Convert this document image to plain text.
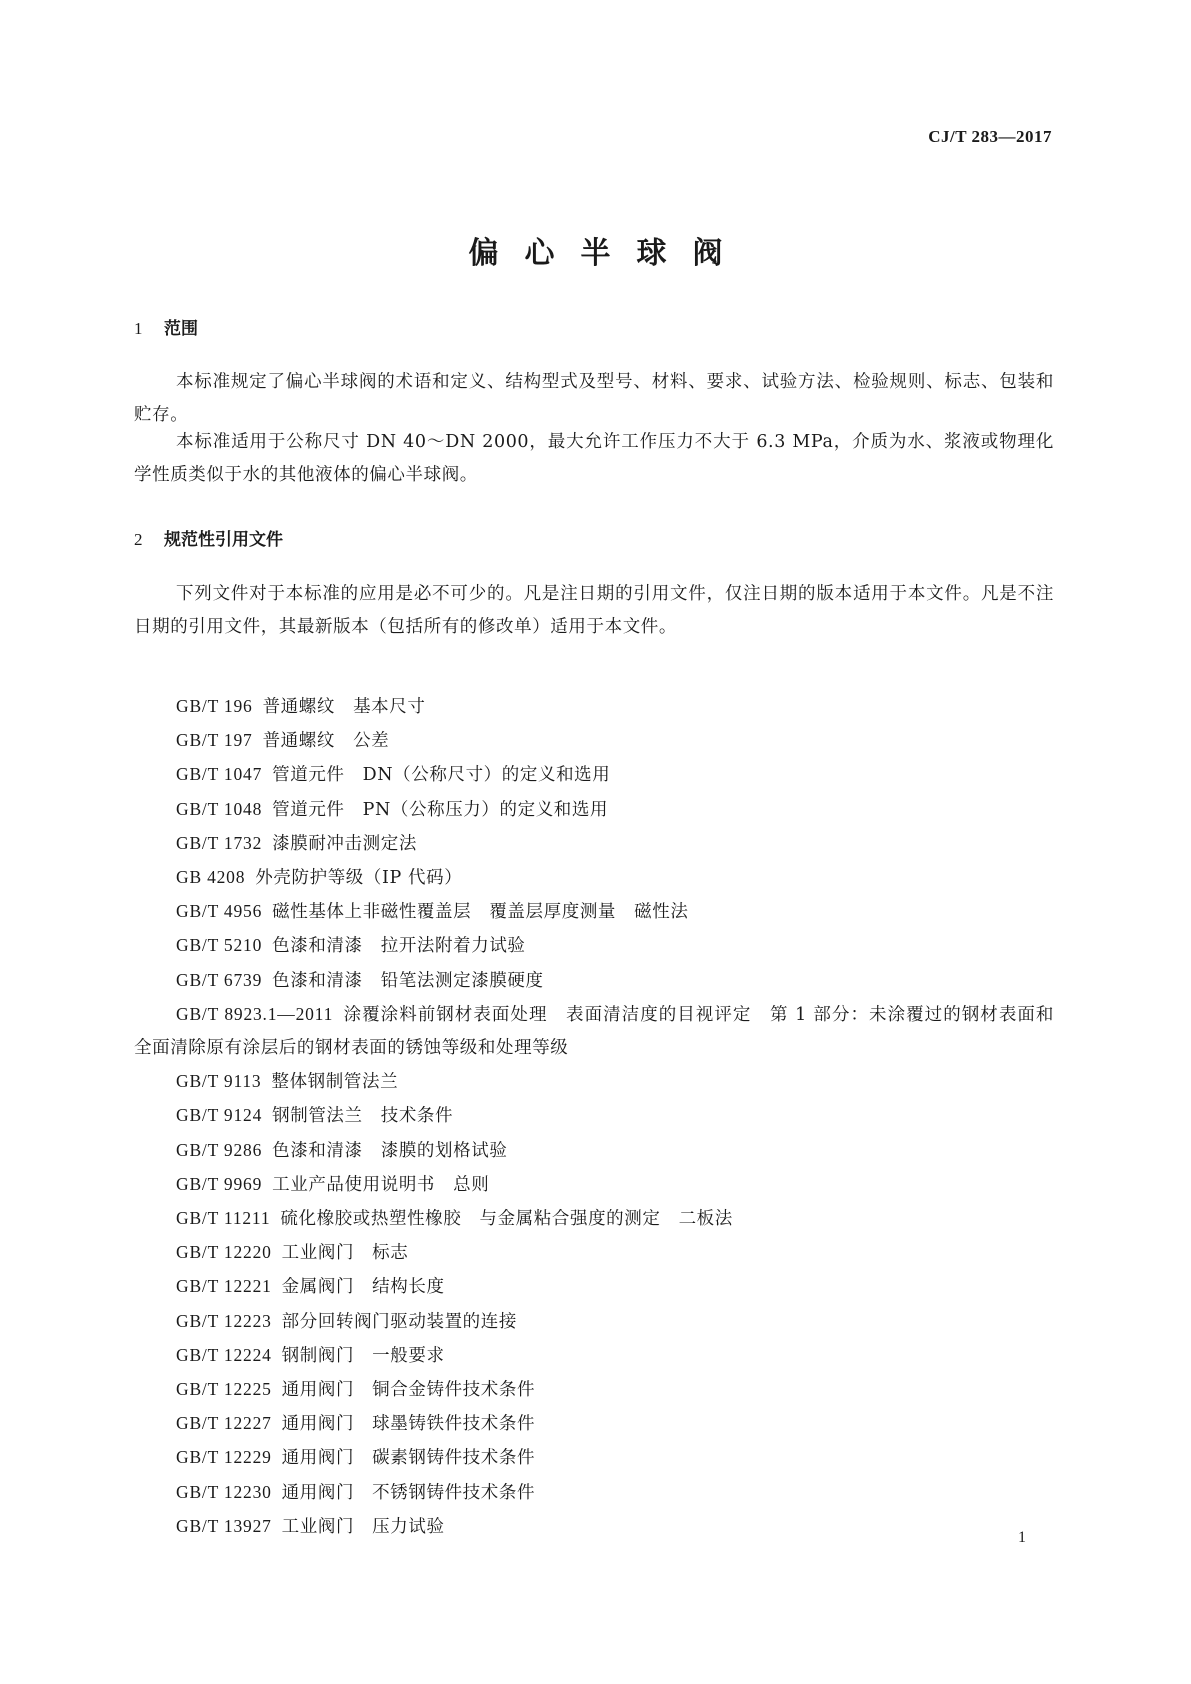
CJ/T 283—2017
偏心半球阀
1 范围

本标准规定了偏心半球阀的术语和定义、结构型式及型号、材料、要求、试验方法、检验规则、标志、包装和贮存。

本标准适用于公称尺寸 DN 40～DN 2000，最大允许工作压力不大于 6.3 MPa，介质为水、浆液或物理化学性质类似于水的其他液体的偏心半球阀。

2 规范性引用文件

下列文件对于本标准的应用是必不可少的。凡是注日期的引用文件，仅注日期的版本适用于本文件。凡是不注日期的引用文件，其最新版本（包括所有的修改单）适用于本文件。

GB/T 196 普通螺纹　基本尺寸
GB/T 197 普通螺纹　公差
GB/T 1047 管道元件　DN（公称尺寸）的定义和选用
GB/T 1048 管道元件　PN（公称压力）的定义和选用
GB/T 1732 漆膜耐冲击测定法
GB 4208 外壳防护等级（IP 代码）
GB/T 4956 磁性基体上非磁性覆盖层　覆盖层厚度测量　磁性法
GB/T 5210 色漆和清漆　拉开法附着力试验
GB/T 6739 色漆和清漆　铅笔法测定漆膜硬度
GB/T 8923.1—2011 涂覆涂料前钢材表面处理　表面清洁度的目视评定　第 1 部分：未涂覆过的钢材表面和全面清除原有涂层后的钢材表面的锈蚀等级和处理等级
GB/T 9113 整体钢制管法兰
GB/T 9124 钢制管法兰　技术条件
GB/T 9286 色漆和清漆　漆膜的划格试验
GB/T 9969 工业产品使用说明书　总则
GB/T 11211 硫化橡胶或热塑性橡胶　与金属粘合强度的测定　二板法
GB/T 12220 工业阀门　标志
GB/T 12221 金属阀门　结构长度
GB/T 12223 部分回转阀门驱动装置的连接
GB/T 12224 钢制阀门　一般要求
GB/T 12225 通用阀门　铜合金铸件技术条件
GB/T 12227 通用阀门　球墨铸铁件技术条件
GB/T 12229 通用阀门　碳素钢铸件技术条件
GB/T 12230 通用阀门　不锈钢铸件技术条件
GB/T 13927 工业阀门　压力试验
1
